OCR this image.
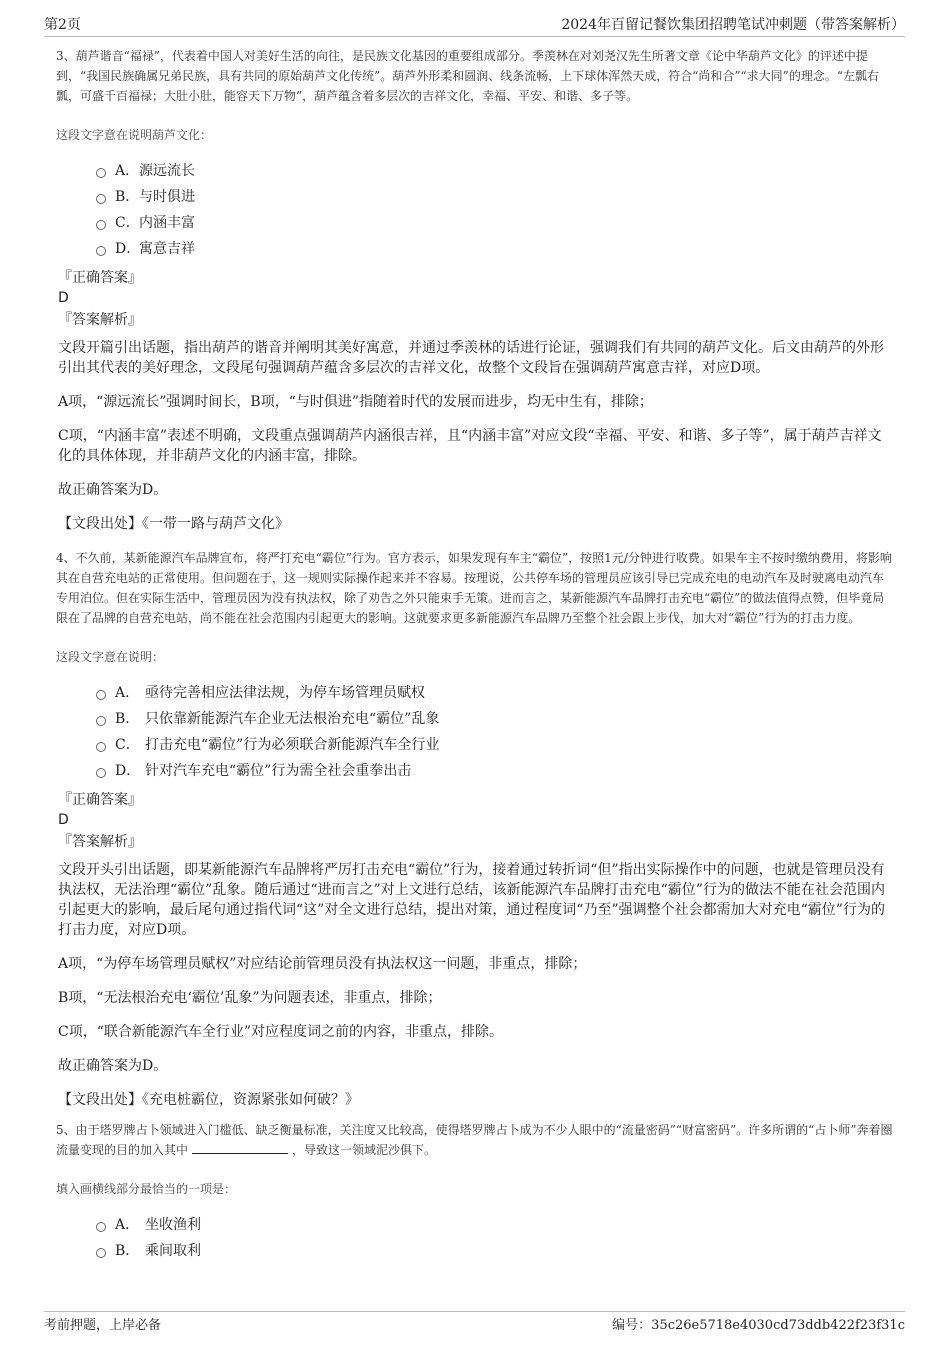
第2页	2024年百留记餐饮集团招聘笔试冲刺题（带答案解析）

3、葫芦谐音“福禄”，代表着中国人对美好生活的向往，是民族文化基因的重要组成部分。季羡林在对刘尧汉先生所著文章《论中华葫芦文化》的评述中提到，“我国民族确属兄弟民族，具有共同的原始葫芦文化传统”。葫芦外形柔和圆润、线条流畅，上下球体浑然天成，符合“尚和合”“求大同”的理念。“左瓢右瓢，可盛千百福禄；大肚小肚，能容天下万物”，葫芦蕴含着多层次的吉祥文化，幸福、平安、和谐、多子等。

这段文字意在说明葫芦文化：

A． 源远流长
B． 与时俱进
C． 内涵丰富
D．
寓意吉祥

『正确答案』

D

『答案解析』

文段开篇引出话题，指出葫芦的谐音并阐明其美好寓意，并通过季羡林的话进行论证，强调我们有共同的葫芦文化。后文由葫芦的外形引出其代表的美好理念，文段尾句强调葫芦蕴含多层次的吉祥文化，故整个文段旨在强调葫芦寓意吉祥，对应D项。

A项，“源远流长”强调时间长，B项，“与时俱进”指随着时代的发展而进步，均无中生有，排除；

C项，“内涵丰富”表述不明确，文段重点强调葫芦内涵很吉祥，且“内涵丰富”对应文段“幸福、平安、和谐、多子等”，属于葫芦吉祥文化的具体体现，并非葫芦文化的内涵丰富，排除。

故正确答案为D。

【文段出处】《一带一路与葫芦文化》

4、不久前，某新能源汽车品牌宣布，将严打充电“霸位”行为。官方表示，如果发现有车主“霸位”，按照1元/分钟进行收费。如果车主不按时缴纳费用，将影响其在自营充电站的正常使用。但问题在于，这一规则实际操作起来并不容易。按理说，公共停车场的管理员应该引导已完成充电的电动汽车及时驶离电动汽车专用泊位。但在实际生活中，管理员因为没有执法权，除了劝告之外只能束手无策。进而言之，某新能源汽车品牌打击充电“霸位”的做法值得点赞，但毕竟局限在了品牌的自营充电站，尚不能在社会范围内引起更大的影响。这就要求更多新能源汽车品牌乃至整个社会跟上步伐，加大对“霸位”行为的打击力度。

这段文字意在说明：

A． 亟待完善相应法律法规，为停车场管理员赋权
B． 只依靠新能源汽车企业无法根治充电“霸位”乱象
C． 打击充电“霸位”行为必须联合新能源汽车全行业
D． 针对汽车充电“霸位”行为需全社会重拳出击

『正确答案』

D

『答案解析』

文段开头引出话题，即某新能源汽车品牌将严厉打击充电“霸位”行为，接着通过转折词“但”指出实际操作中的问题，也就是管理员没有执法权，无法治理“霸位”乱象。随后通过“进而言之”对上文进行总结，该新能源汽车品牌打击充电“霸位”行为的做法不能在社会范围内引起更大的影响，最后尾句通过指代词“这”对全文进行总结，提出对策，通过程度词“乃至”强调整个社会都需加大对充电“霸位”行为的打击力度，对应D项。

A项，“为停车场管理员赋权”对应结论前管理员没有执法权这一问题，非重点，排除；

B项，“无法根治充电‘霸位’乱象”为问题表述，非重点，排除；

C项，“联合新能源汽车全行业”对应程度词之前的内容，非重点，排除。

故正确答案为D。

【文段出处】《充电桩霸位，资源紧张如何破？》

5、由于塔罗牌占卜领域进入门槛低、缺乏衡量标准，关注度又比较高，使得塔罗牌占卜成为不少人眼中的“流量密码”“财富密码”。许多所谓的“占卜师”奔着圈流量变现的目的加入其中	，导致这一领域泥沙俱下。

填入画横线部分最恰当的一项是：

A． 坐收渔利
B． 乘间取利
考前押题，上岸必备	编号：35c26e5718e4030cd73ddb422f23f31c
